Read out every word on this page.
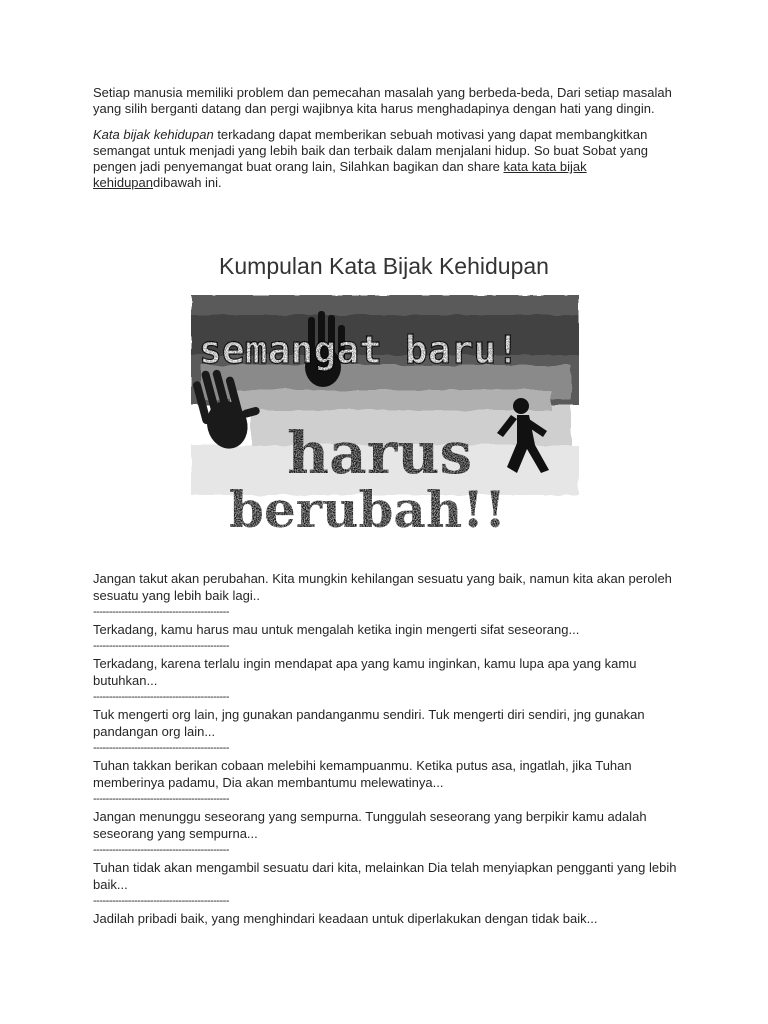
Setiap manusia memiliki problem dan pemecahan masalah yang berbeda-beda, Dari setiap masalah yang silih berganti datang dan pergi wajibnya kita harus menghadapinya dengan hati yang dingin.

Kata bijak kehidupan terkadang dapat memberikan sebuah motivasi yang dapat membangkitkan semangat untuk menjadi yang lebih baik dan terbaik dalam menjalani hidup. So buat Sobat yang pengen jadi penyemangat buat orang lain, Silahkan bagikan dan share kata kata bijak kehidupandibawah ini.

Kumpulan Kata Bijak Kehidupan
semangat baru!
harus
berubah!!

Jangan takut akan perubahan. Kita mungkin kehilangan sesuatu yang baik, namun kita akan peroleh sesuatu yang lebih baik lagi..

-------------------------------------------

Terkadang, kamu harus mau untuk mengalah ketika ingin mengerti sifat seseorang...

-------------------------------------------

Terkadang, karena terlalu ingin mendapat apa yang kamu inginkan, kamu lupa apa yang kamu butuhkan...

-------------------------------------------

Tuk mengerti org lain, jng gunakan pandanganmu sendiri. Tuk mengerti diri sendiri, jng gunakan pandangan org lain...

-------------------------------------------

Tuhan takkan berikan cobaan melebihi kemampuanmu. Ketika putus asa, ingatlah, jika Tuhan memberinya padamu, Dia akan membantumu melewatinya...

-------------------------------------------

Jangan menunggu seseorang yang sempurna. Tunggulah seseorang yang berpikir kamu adalah seseorang yang sempurna...

-------------------------------------------

Tuhan tidak akan mengambil sesuatu dari kita, melainkan Dia telah menyiapkan pengganti yang lebih baik...

-------------------------------------------

Jadilah pribadi baik, yang menghindari keadaan untuk diperlakukan dengan tidak baik...
